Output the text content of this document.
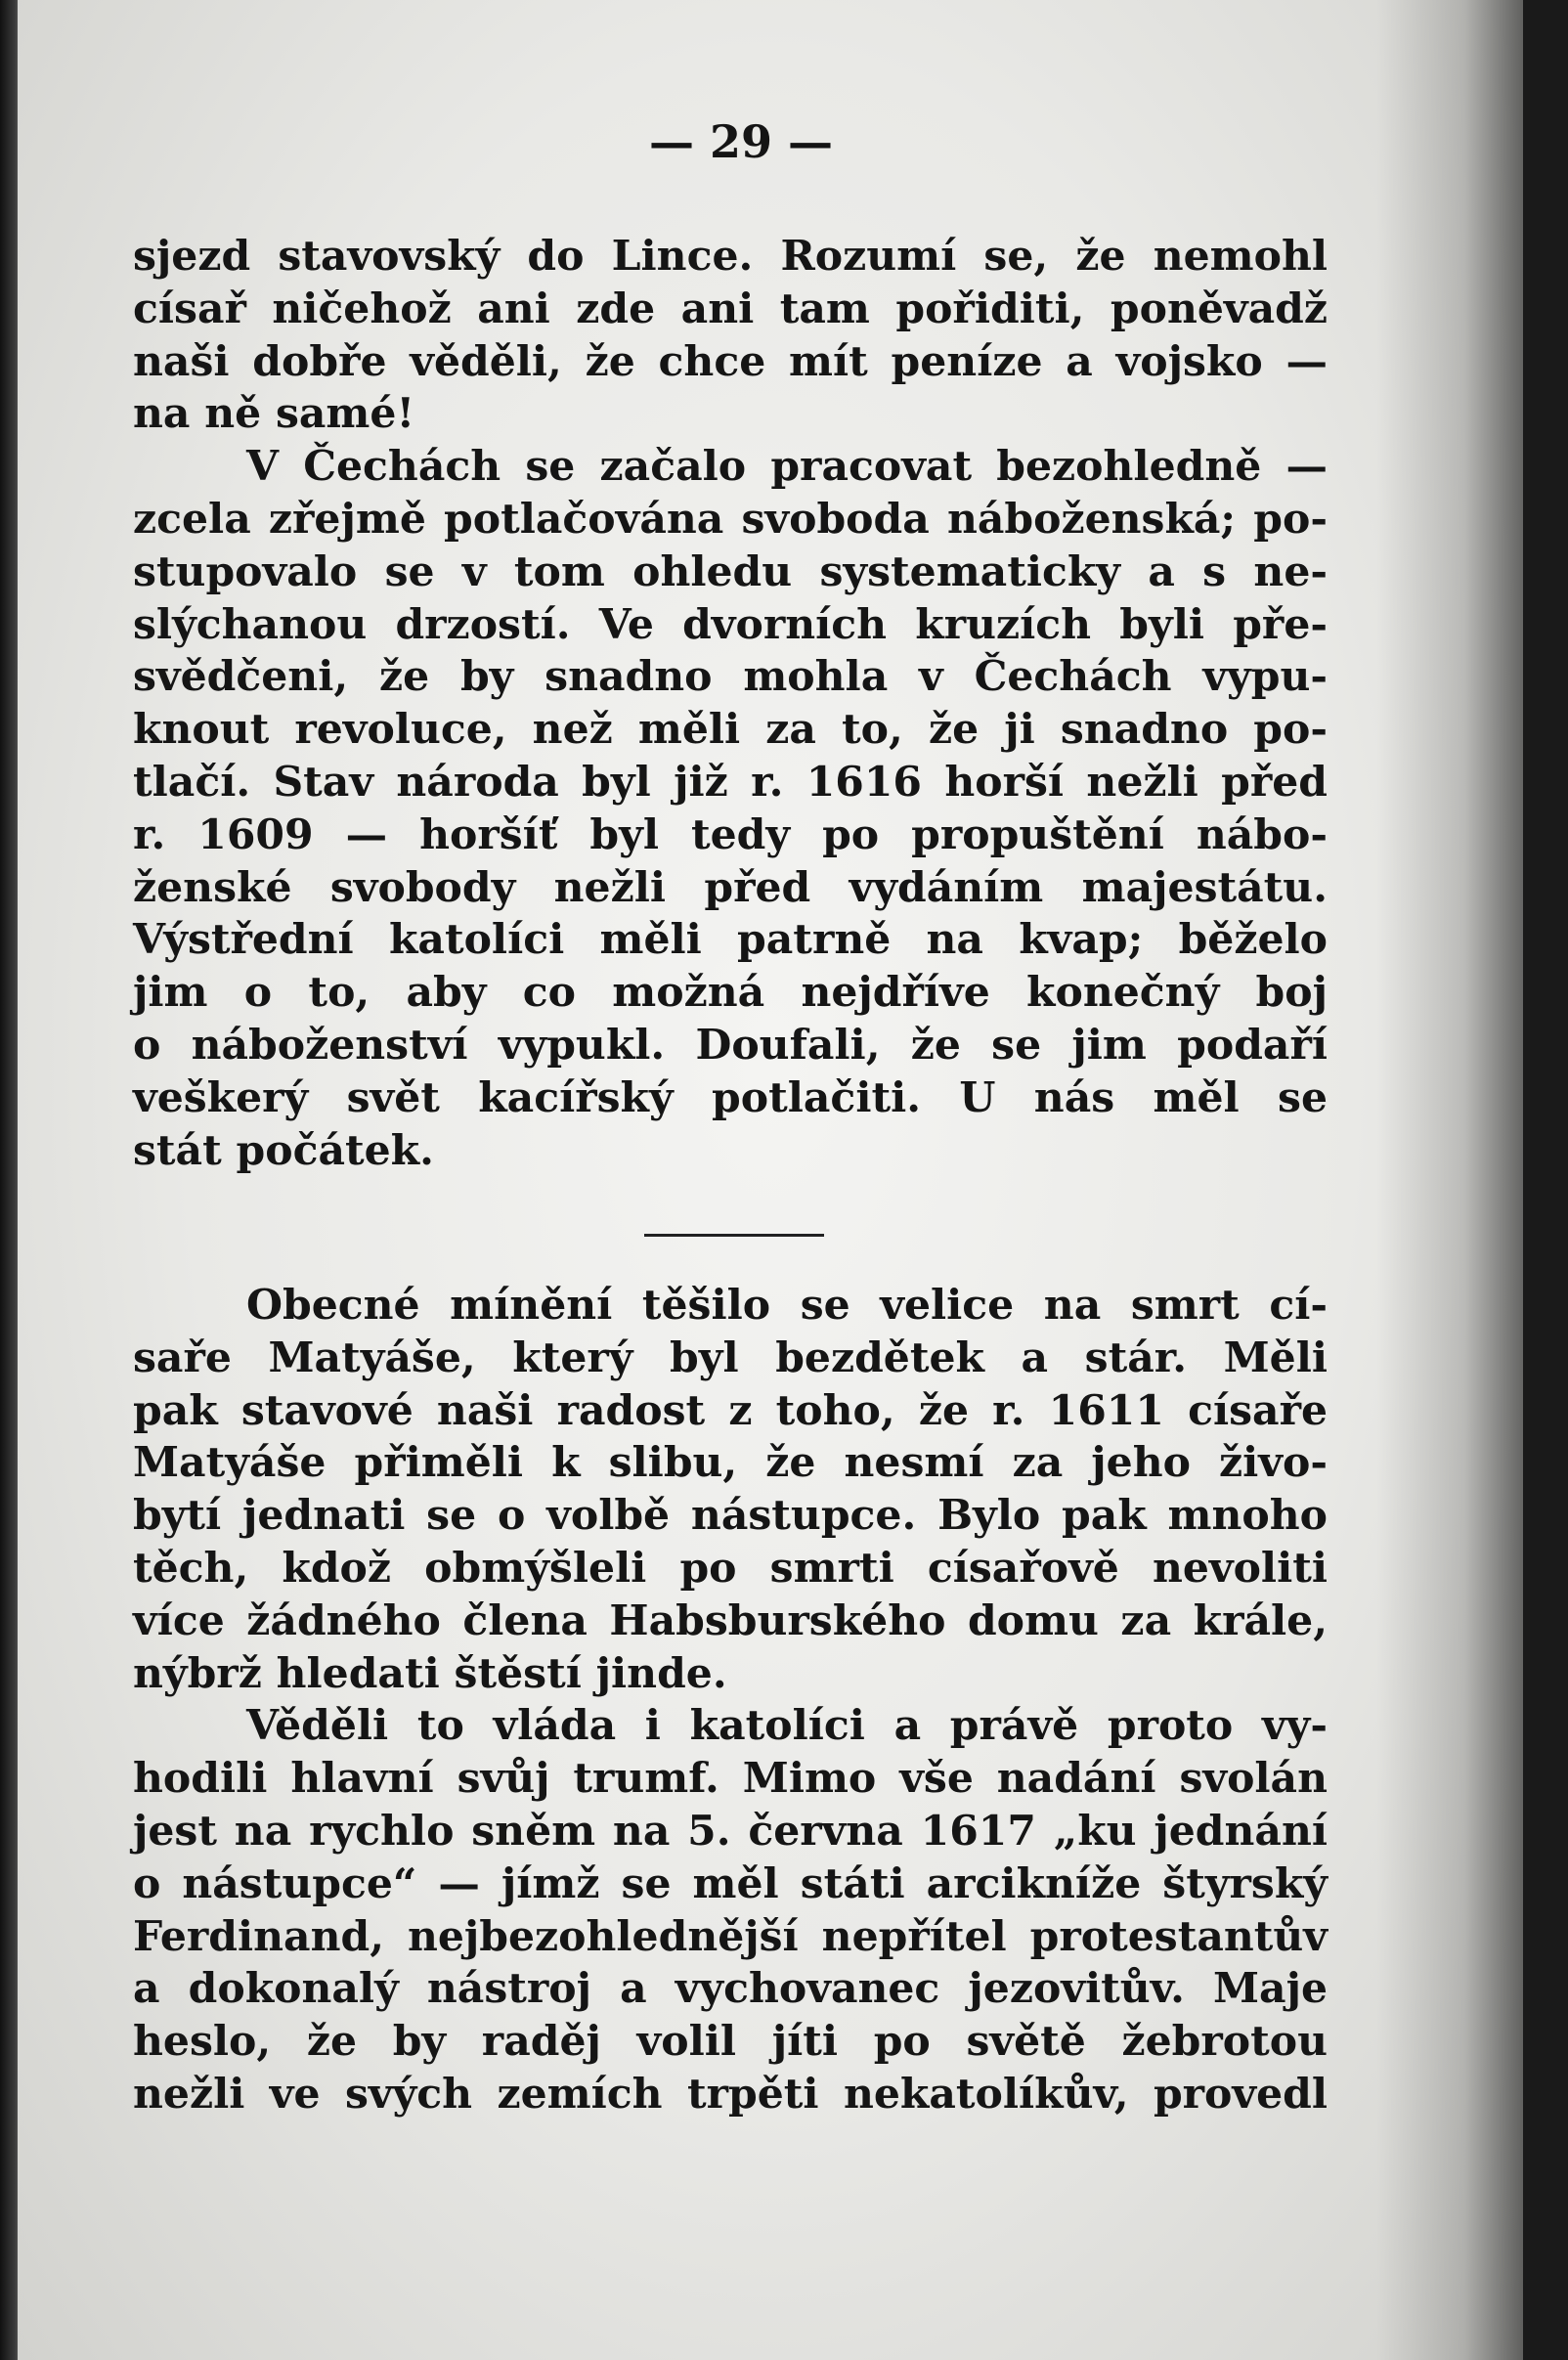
— 29 —

sjezd stavovský do Lince. Rozumí se, že nemohl
císař ničehož ani zde ani tam pořiditi, poněvadž
naši dobře věděli, že chce mít peníze a vojsko —
na ně samé!

V Čechách se začalo pracovat bezohledně —
zcela zřejmě potlačována svoboda náboženská; po-
stupovalo se v tom ohledu systematicky a s ne-
slýchanou drzostí. Ve dvorních kruzích byli pře-
svědčeni, že by snadno mohla v Čechách vypu-
knout revoluce, než měli za to, že ji snadno po-
tlačí. Stav národa byl již r. 1616 horší nežli před
r. 1609 — horšíť byl tedy po propuštění nábo-
ženské svobody nežli před vydáním majestátu.
Výstřední katolíci měli patrně na kvap; běželo
jim o to, aby co možná nejdříve konečný boj
o náboženství vypukl. Doufali, že se jim podaří
veškerý svět kacířský potlačiti. U nás měl se
stát počátek.

Obecné mínění těšilo se velice na smrt cí-
saře Matyáše, který byl bezdětek a stár. Měli
pak stavové naši radost z toho, že r. 1611 císaře
Matyáše přiměli k slibu, že nesmí za jeho živo-
bytí jednati se o volbě nástupce. Bylo pak mnoho
těch, kdož obmýšleli po smrti císařově nevoliti
více žádného člena Habsburského domu za krále,
nýbrž hledati štěstí jinde.

Věděli to vláda i katolíci a právě proto vy-
hodili hlavní svůj trumf. Mimo vše nadání svolán
jest na rychlo sněm na 5. června 1617 „ku jednání
o nástupce“ — jímž se měl státi arcikníže štyrský
Ferdinand, nejbezohlednější nepřítel protestantův
a dokonalý nástroj a vychovanec jezovitův. Maje
heslo, že by raděj volil jíti po světě žebrotou
nežli ve svých zemích trpěti nekatolíkův, provedl
